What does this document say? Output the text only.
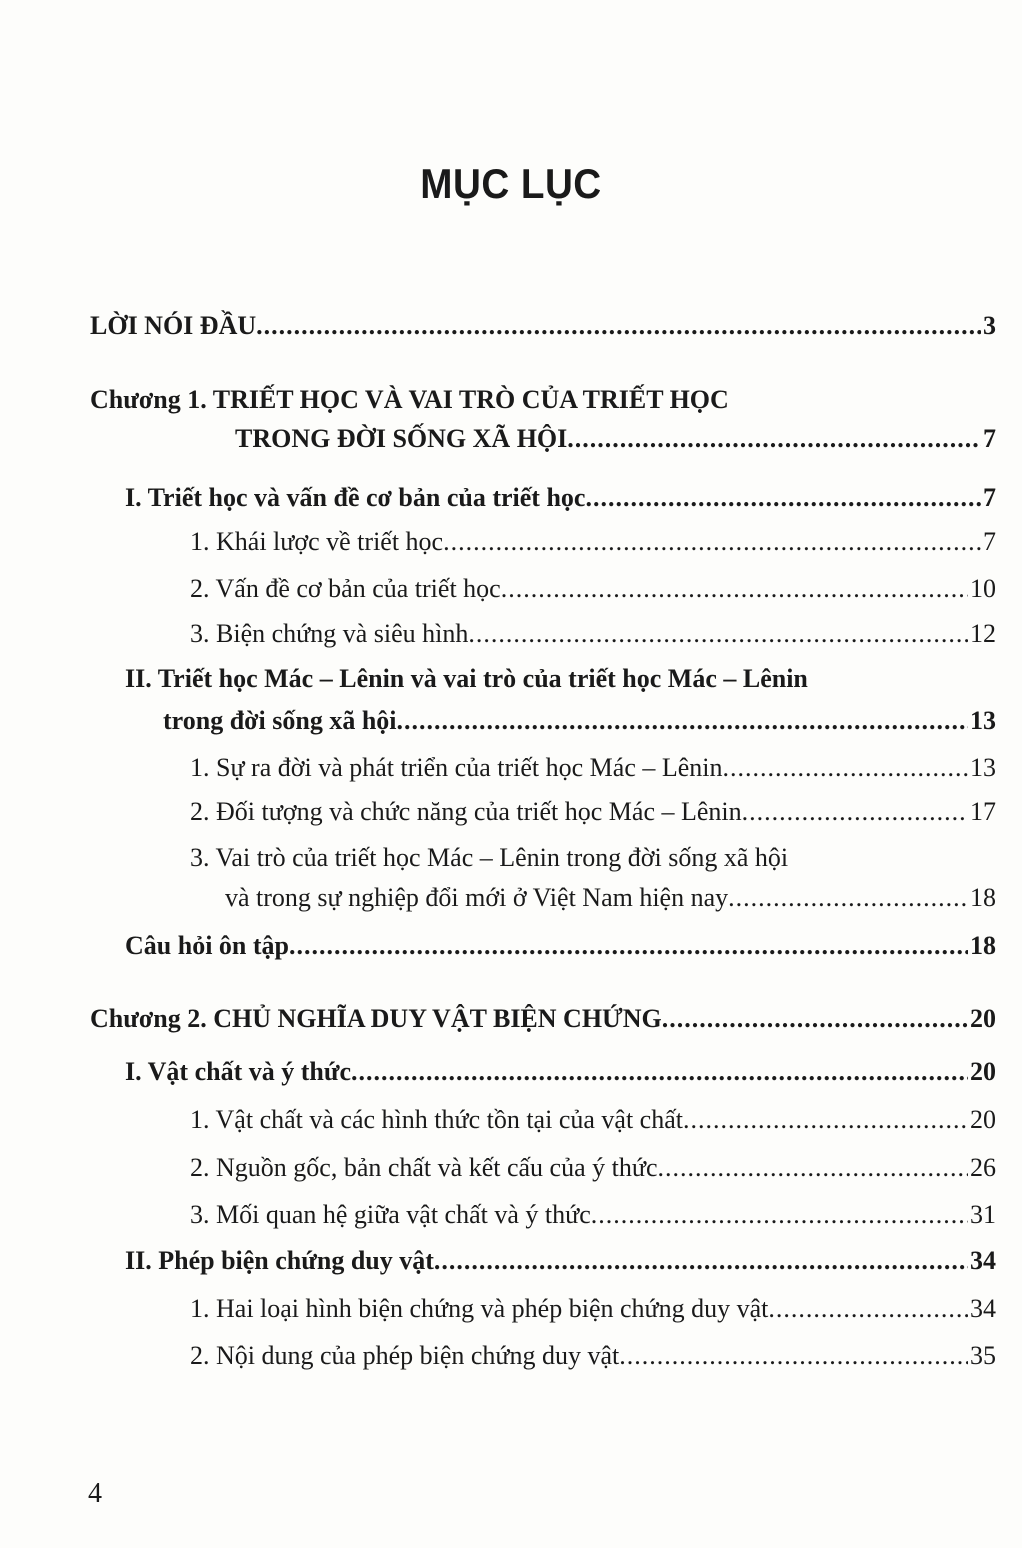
MỤC LỤC
LỜI NÓI ĐẦU .....	3
Chương 1. TRIẾT HỌC VÀ VAI TRÒ CỦA TRIẾT HỌC
TRONG ĐỜI SỐNG XÃ HỘI .....	7
I. Triết học và vấn đề cơ bản của triết học .....	7
1. Khái lược về triết học .....	7
2. Vấn đề cơ bản của triết học .....	10
3. Biện chứng và siêu hình .....	12
II. Triết học Mác – Lênin và vai trò của triết học Mác – Lênin
trong đời sống xã hội .....	13
1. Sự ra đời và phát triển của triết học Mác – Lênin .....	13
2. Đối tượng và chức năng của triết học Mác – Lênin .....	17
3. Vai trò của triết học Mác – Lênin trong đời sống xã hội
và trong sự nghiệp đổi mới ở Việt Nam hiện nay .....	18
Câu hỏi ôn tập .....	18
Chương 2. CHỦ NGHĨA DUY VẬT BIỆN CHỨNG .....	20
I. Vật chất và ý thức .....	20
1. Vật chất và các hình thức tồn tại của vật chất .....	20
2. Nguồn gốc, bản chất và kết cấu của ý thức .....	26
3. Mối quan hệ giữa vật chất và ý thức .....	31
II. Phép biện chứng duy vật .....	34
1. Hai loại hình biện chứng và phép biện chứng duy vật .....	34
2. Nội dung của phép biện chứng duy vật .....	35
4
